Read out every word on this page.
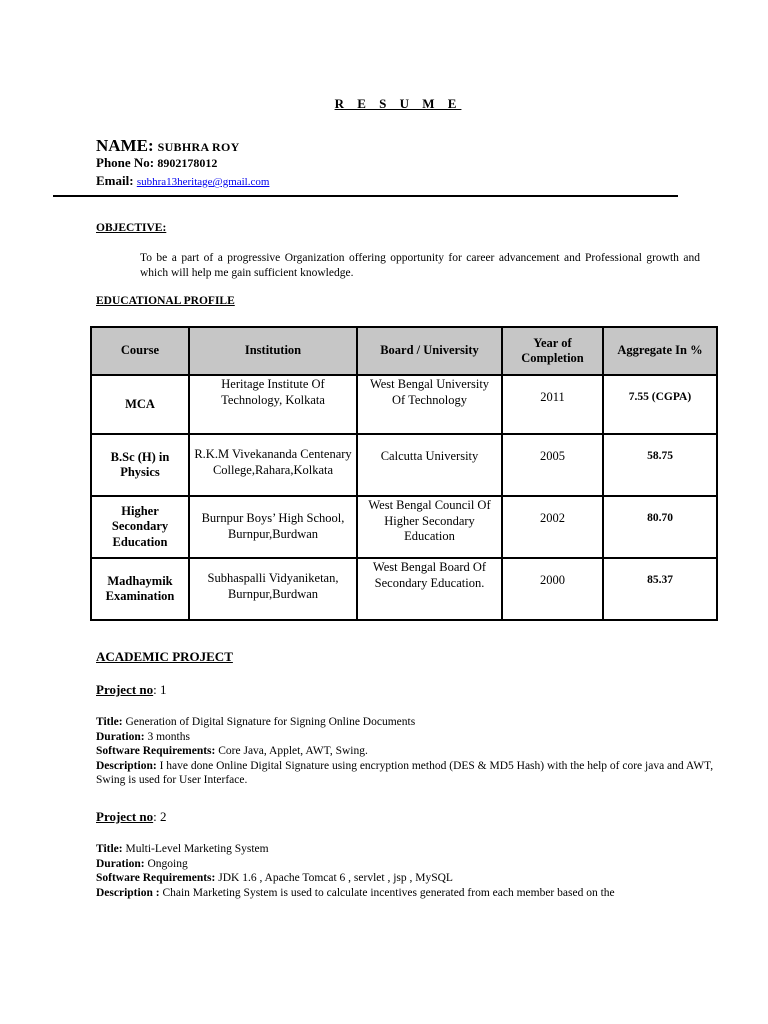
R E S U M E
NAME: SUBHRA ROY
Phone No: 8902178012
Email: subhra13heritage@gmail.com
OBJECTIVE:
To be a part of a progressive Organization offering opportunity for career advancement and Professional growth and which will help me gain sufficient knowledge.
EDUCATIONAL PROFILE
Course	Institution	Board / University	Year of Completion	Aggregate In %
MCA	Heritage Institute Of Technology, Kolkata	West Bengal University Of Technology	2011	7.55 (CGPA)
B.Sc (H) in Physics	R.K.M Vivekananda Centenary College,Rahara,Kolkata	Calcutta University	2005	58.75
Higher Secondary Education	Burnpur Boys’ High School, Burnpur,Burdwan	West Bengal Council Of Higher Secondary Education	2002	80.70
Madhaymik Examination	Subhaspalli Vidyaniketan, Burnpur,Burdwan	West Bengal Board Of Secondary Education.	2000	85.37
ACADEMIC PROJECT
Project no: 1
Title: Generation of Digital Signature for Signing Online Documents
Duration: 3 months
Software Requirements: Core Java, Applet, AWT, Swing.
Description: I have done Online Digital Signature using encryption method (DES & MD5 Hash) with the help of core java and AWT, Swing is used for User Interface.
Project no: 2
Title: Multi-Level Marketing System
Duration: Ongoing
Software Requirements: JDK 1.6 , Apache Tomcat 6 , servlet , jsp , MySQL
Description : Chain Marketing System is used to calculate incentives generated from each member based on the
